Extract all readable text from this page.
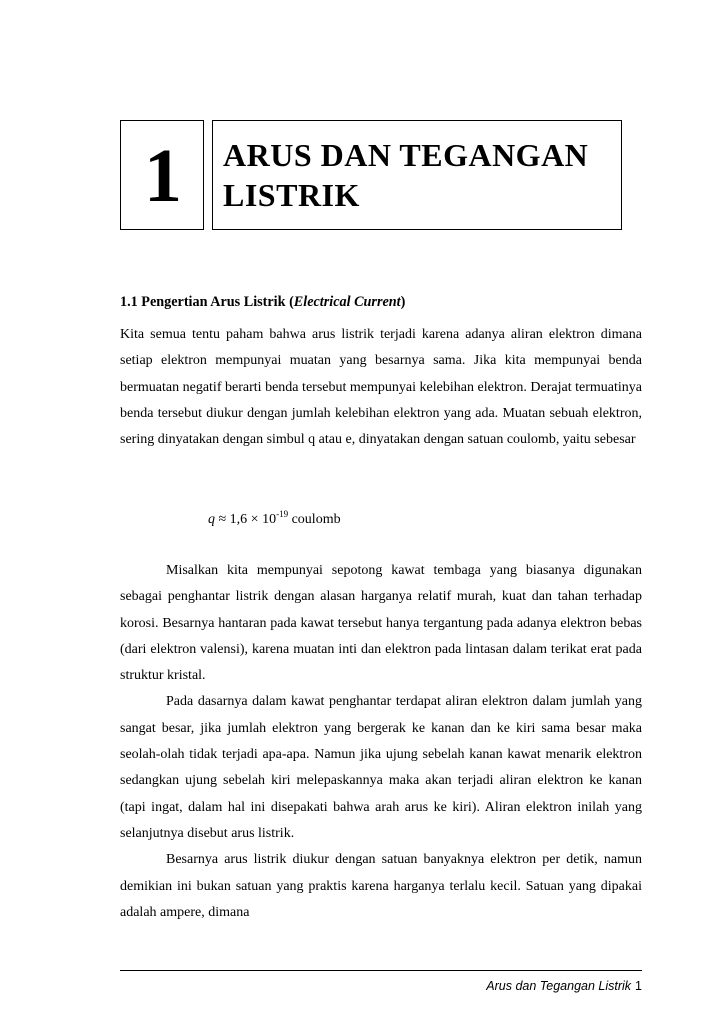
1	ARUS DAN TEGANGAN
LISTRIK

1.1 Pengertian Arus Listrik (Electrical Current)

Kita semua tentu paham bahwa arus listrik terjadi karena adanya aliran elektron dimana setiap elektron mempunyai muatan yang besarnya sama. Jika kita mempunyai benda bermuatan negatif berarti benda tersebut mempunyai kelebihan elektron. Derajat termuatinya benda tersebut diukur dengan jumlah kelebihan elektron yang ada. Muatan sebuah elektron, sering dinyatakan dengan simbul q atau e, dinyatakan dengan satuan coulomb, yaitu sebesar

$q \approx 1,6 \times 10^{-19}$ coulomb

Misalkan kita mempunyai sepotong kawat tembaga yang biasanya digunakan sebagai penghantar listrik dengan alasan harganya relatif murah, kuat dan tahan terhadap korosi. Besarnya hantaran pada kawat tersebut hanya tergantung pada adanya elektron bebas (dari elektron valensi), karena muatan inti dan elektron pada lintasan dalam terikat erat pada struktur kristal.

Pada dasarnya dalam kawat penghantar terdapat aliran elektron dalam jumlah yang sangat besar, jika jumlah elektron yang bergerak ke kanan dan ke kiri sama besar maka seolah-olah tidak terjadi apa-apa. Namun jika ujung sebelah kanan kawat menarik elektron sedangkan ujung sebelah kiri melepaskannya maka akan terjadi aliran elektron ke kanan (tapi ingat, dalam hal ini disepakati bahwa arah arus ke kiri). Aliran elektron inilah yang selanjutnya disebut arus listrik.

Besarnya arus listrik diukur dengan satuan banyaknya elektron per detik, namun demikian ini bukan satuan yang praktis karena harganya terlalu kecil. Satuan yang dipakai adalah ampere, dimana

Arus dan Tegangan Listrik 1
